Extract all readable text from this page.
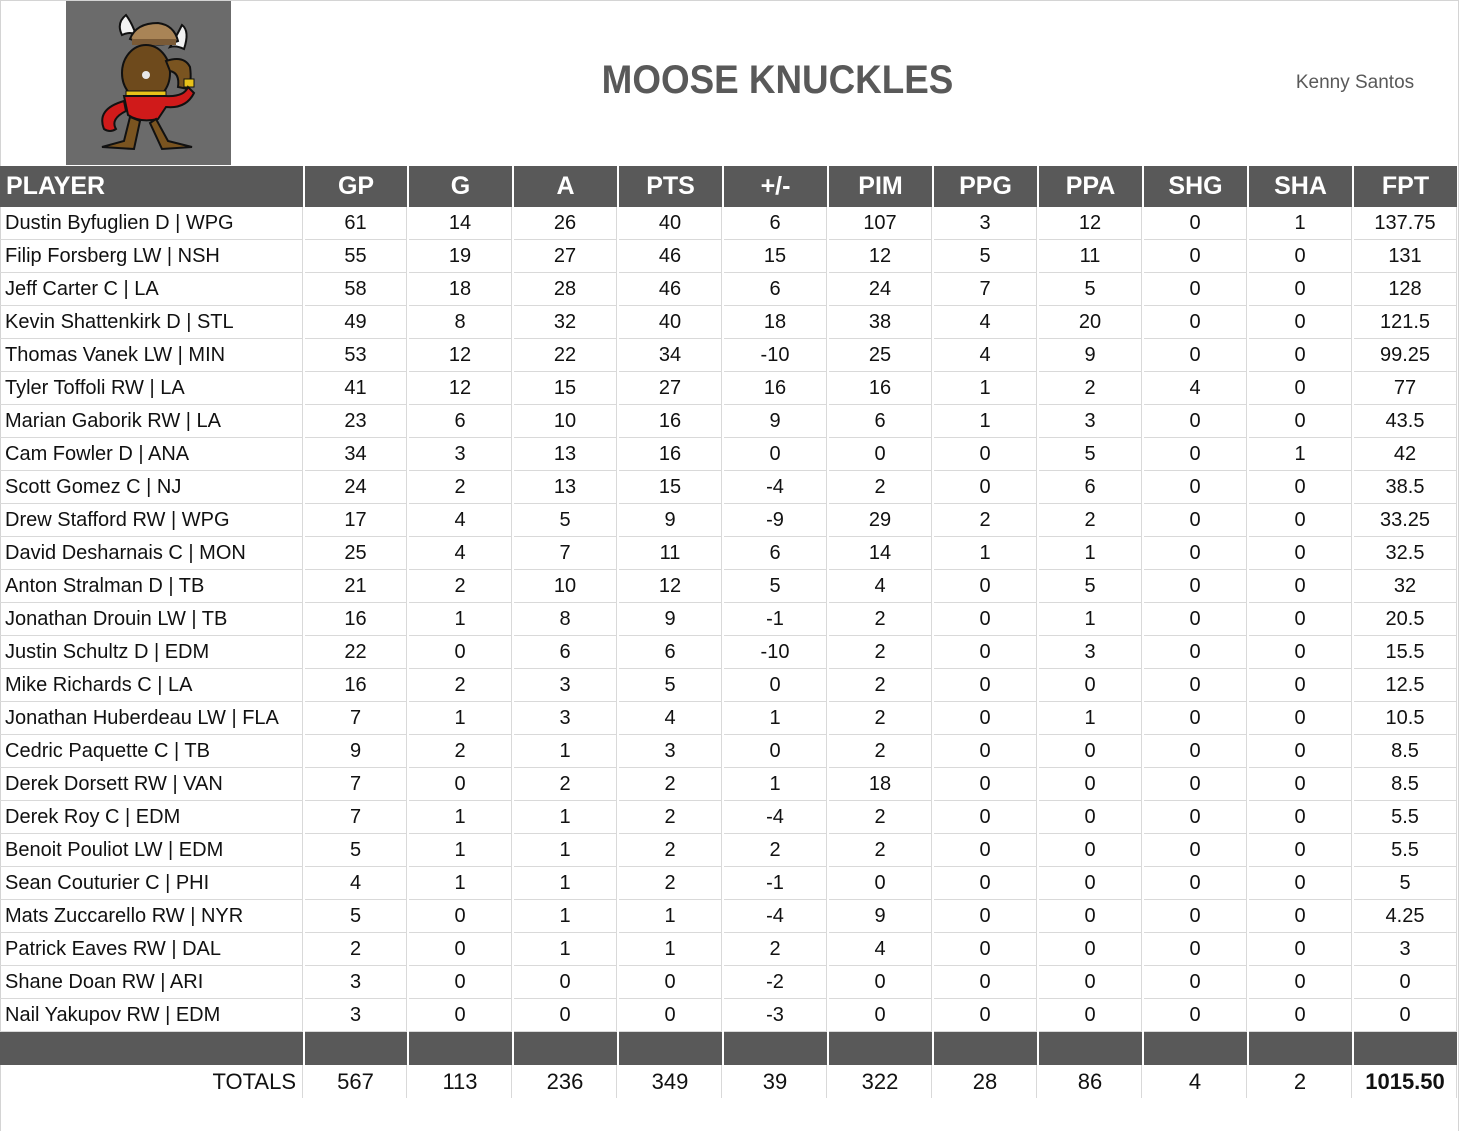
MOOSE KNUCKLES	Kenny Santos
PLAYER	GP	G	A	PTS	+/-	PIM	PPG	PPA	SHG	SHA	FPT
Dustin Byfuglien D | WPG	61	14	26	40	6	107	3	12	0	1	137.75
Filip Forsberg LW | NSH	55	19	27	46	15	12	5	11	0	0	131
Jeff Carter C | LA	58	18	28	46	6	24	7	5	0	0	128
Kevin Shattenkirk D | STL	49	8	32	40	18	38	4	20	0	0	121.5
Thomas Vanek LW | MIN	53	12	22	34	-10	25	4	9	0	0	99.25
Tyler Toffoli RW | LA	41	12	15	27	16	16	1	2	4	0	77
Marian Gaborik RW | LA	23	6	10	16	9	6	1	3	0	0	43.5
Cam Fowler D | ANA	34	3	13	16	0	0	0	5	0	1	42
Scott Gomez C | NJ	24	2	13	15	-4	2	0	6	0	0	38.5
Drew Stafford RW | WPG	17	4	5	9	-9	29	2	2	0	0	33.25
David Desharnais C | MON	25	4	7	11	6	14	1	1	0	0	32.5
Anton Stralman D | TB	21	2	10	12	5	4	0	5	0	0	32
Jonathan Drouin LW | TB	16	1	8	9	-1	2	0	1	0	0	20.5
Justin Schultz D | EDM	22	0	6	6	-10	2	0	3	0	0	15.5
Mike Richards C | LA	16	2	3	5	0	2	0	0	0	0	12.5
Jonathan Huberdeau LW | FLA	7	1	3	4	1	2	0	1	0	0	10.5
Cedric Paquette C | TB	9	2	1	3	0	2	0	0	0	0	8.5
Derek Dorsett RW | VAN	7	0	2	2	1	18	0	0	0	0	8.5
Derek Roy C | EDM	7	1	1	2	-4	2	0	0	0	0	5.5
Benoit Pouliot LW | EDM	5	1	1	2	2	2	0	0	0	0	5.5
Sean Couturier C | PHI	4	1	1	2	-1	0	0	0	0	0	5
Mats Zuccarello RW | NYR	5	0	1	1	-4	9	0	0	0	0	4.25
Patrick Eaves RW | DAL	2	0	1	1	2	4	0	0	0	0	3
Shane Doan RW | ARI	3	0	0	0	-2	0	0	0	0	0	0
Nail Yakupov RW | EDM	3	0	0	0	-3	0	0	0	0	0	0

TOTALS	567	113	236	349	39	322	28	86	4	2	1015.50
